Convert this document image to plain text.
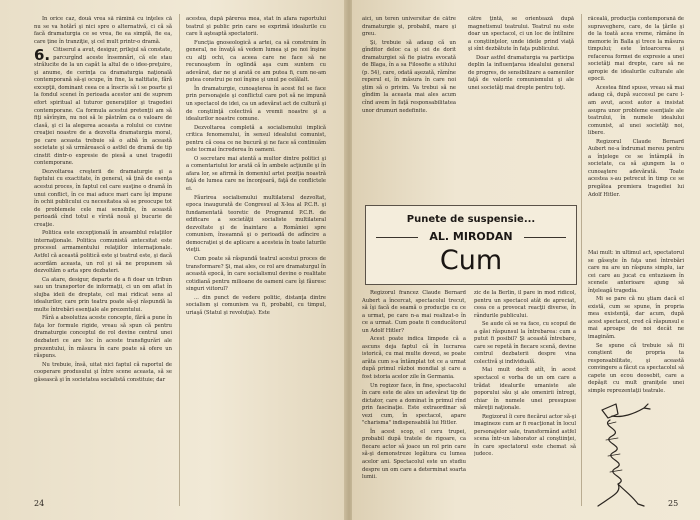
În orice caz, două vrea să rămînă cu inţeles că nu se va hotărî şi nici spre o alternativă, ci că să facă dramaturgia ce se vrea, fie ea simplă, fie ea, care ţine în tranziţie, şi cel mult printr-o dramă.

6. Citiserul a avut, desigur, prilejul să constate, parcurgînd aceste însemnări, că ele stau strălucite de la un capăt la altul de o idee-preţuire, şi anume, de cerinţa ca dramaturgia naţională contemporană să-şi ocupe, în fine, la naltitate, fără excepţii, dominant ceea ce a înscris să i se poarte şi la fondul scenei în perioada acestor ani de suprem efort spiritual al tuturor generaţiilor şi tragediei contemporane. Ca formula acestui pretenţii am să fiţi săvîrşim, nu noi să le păstrăm ca o valoare de clasă, şi ci la alegerea aceasta a rolului ce cuvine creaţiei noastre de a dezvolta dramaturgia moral, pe care aceasta trebuie să o aibă în această societate şi să urmărească o astfel de dramă de tip cinstit dintr-o expresie de piesă a unei tragedii contemporane.

Dezvoltarea creşterii de dramaturgie şi a faptului cu exactitate, în general, să ţină de esenţa acestui proces, în faptul cel care susţine o dramă în unui conflict, în ce mai aduce mari care îşi impune în ochii publicului cu necesitatea să se preocupe tot de problemele cele mai sensibile, în această perioadă cînd totul e vîrstă nouă şi bucurie de creaţie.

Politica este excepţională în ansamblul relaţiilor internaţionale. Politica comunistă antecsitat este procesul armamentului relaţiilor internaţionale. Astfel că această politică este şi teatrul este, şi dacă acordăm aceasta, un rol și să ne propunem să dezvoltăm o arta spre dezbateri.

Ca atare, desigur, departe de a fi doar un tribun sau un transportor de informaţii, ci un om aflat în slujba ideii de dreptate, cel mai ridicat sens al idealurilor, care prin teatru poate să-şi răspundă la multe întrebări esenţiale ale prezentului.

Fără a absolutiza aceste concepte, fără a pune în faţa lor formule rigide, vreau să spun că pentru dramaturgie conceptul de rol devine centrul unei dezbateri ce are loc în aceste transfigurări ale prezentului, în măsura în care poate să ofere un răspuns.

Nu trebuie, însă, uitat nici faptul că raportul de cooperare produsului şi între scene aceasta, să se găsească şi în societatea socialistă constituie; dar

acestea, după părerea mea, stat în afara raportului teatrul şi public prin care se exprimă idealurile cu care îi aşteaptă spectatorii.

Funcţia gnoseologică a artei, ca să construim în general, ne învaţă să vedem lumea şi pe noi înşine cu alţi ochi, ca aceea care ne face să ne recunoaştem în oglindă aşa cum suntem cu adevărat, dar ne şi arată ce am putea fi, cum ne-am putea construi pe noi înşine şi unul pe celălalt.

În dramaturgie, cunoaşterea în acest fel se face prin personajele şi conflictul care pot să ne impună un spectacol de idei, ca un adevărat act de cultură şi de conştiinţă colectivă a vremii noastre şi a idealurilor noastre comune.

Dezvoltarea completă a socialismului implică critica fenomenului, în sensul idealului comunist, pentru că ceea ce ne bucură şi ne face să continuăm este tocmai încrederea în oameni.

O secretare mai atentă a multor dintre politici şi a comentariului lor arată că în ambele acţiunile şi în afara lor, se afirmă în domeniul artei poziţia noastră faţă de lumea care ne înconjoară, faţă de conflictele ei.

Făurirea socialismului multilateral dezvoltat, epoca inaugurată de Congresul al X-lea al P.C.R. şi fundamentată teoretic de Programul P.C.R. de edificare a societăţii socialiste multilateral dezvoltate şi de înaintare a României spre comunism, înseamnă şi o perioadă de adîncire a democraţiei şi de aplicare a acesteia în toate laturile vieţii.

Cum poate să răspundă teatrul acestui proces de transformare? Şi, mai ales, ce rol are dramaturgul în această epocă, în care socialismul devine o realitate cotidiană pentru milioane de oameni care îşi făuresc singuri viitorul?

... din punct de vedere politic, distanţa dintre socialism şi comunism va fi, probabil, cu timpul, uriaşă (Statul şi revoluţia). Este

24

aici, un teren universitar de către dramaturgie şi, probabil, mare şi greu.

Şi, trebuie să adaug că un gînditor deloc ca şi cei de dorit dramaturgiei să fie piatra evocată de Blaga, în a sa Filosofie a stilului (p. 54), care, odată aşezată, rămîne reperul ei, în măsura în care noi ştim să o privim. Va trebui să ne gîndim la aceasta mai ales acum cînd avem în faţă responsabilitatea unor drumuri nedefinite.

către ţintă, se orientează după magnetismul teatrului. Teatrul nu este doar un spectacol, ci un loc de întîlnire a conştiinţelor, unde ideile prind viaţă şi sînt dezbătute în faţa publicului.

Doar astfel dramaturgia va participa deplin la influenţarea idealului general de progres, de sensibilizare a oamenilor faţă de valorile comunismului şi ale unei societăţi mai drepte pentru toţi.

răceală, producţia contemporană de supraveghere, care, de la ţările şi de la toată acea vreme, rămâne în memorie în Balla şi trece la măsura timpului; este întoarcerea şi refacerea formei de expresie a unei societăţi mai drepte, care să ne apropie de idealurile culturale ale epocii.

Acestea fiind spuse, vreau să mai adaug că, după succesul pe care l-am avut, acest autor a insistat asupra unor probleme esenţiale ale teatrului, în numele idealului comunist, al unei societăţi noi, libere.

Regizorul Claude Bernard Aubert ne-a îndrumat mereu pentru a înţelege ce se întâmplă în societate, ca să ajungem la o cunoaştere adevărată. Toate acestea s-au petrecut în timp ce se pregătea premiera tragediei lui Adolf Hitler.

Regizorul francez Claude Bernard Aubert a încercat, spectacolul trecut, să îşi facă de seamă o producţie cu ce a urmat, pe care n-a mai realizat-o în ce a urmat. Cum poate fi conducătorul un Adolf Hitler?

Acest poate indica limpede că a ascuns deja faptul că în lucrarea istorică, cu mai multe dovezi, se poate arăta cum s-a întâmplat tot ce a urmat după primul război mondial şi care a fost istoria acelor zile în Germania.

Un regizor face, în fine, spectacolul în care este de ales un adevărat tip de dictator, care a dominat în primul rînd prin fascinaţie. Este extraordinar să vezi cum, în spectacol, apare "charisma" indispensabilă lui Hitler.

În acest scop, el ceru trupei, probabil după tratele de rigoare, ca fiecare actor să joace un rol prin care să-şi demonstreze legătura cu lumea acelor ani. Spectacolul este un studiu despre un om care a determinat soarta lumii.

zic de la Berlin, il pare în mod ridicol, pentru un spectacol atât de apreciat, ceea ce a provocat reacţii diverse, în rândurile publicului.

Se aude că se va face, cu scopul de a găsi răspunsul la întrebarea: cum a putut fi posibil? Şi această întrebare, care se repetă în fiecare scenă, devine centrul dezbaterii despre vina colectivă şi individuală.

Mai mult decît atît, în acest spectacol e vorba de un om care a trădat idealurile umaniste ale poporului său şi ale omenirii întregi, chiar în numele unei presupuse măreţii naţionale.

Regizorul îi cere fiecărui actor să-şi imagineze cum ar fi reacţionat în locul personajelor sale, transformând astfel scena într-un laborator al conştiinţei, în care spectatorul este chemat să judece.

Mai mult: în ultimul act, spectatorul se găseşte în faţa unei întrebări care nu are un răspuns simplu, iar cei care au jucat cu entuziasm în scenele anterioare ajung să înţeleagă tragedia.

Mi se pare că nu ştiam dacă el există, cum se spune, în propria mea existenţă, dar acum, după acest spectacol, cred că răspunsul e mai aproape de noi decât ne imaginăm.

Se spune că trebuie să fii conştient de propria ta responsabilitate, şi această convingere a făcut ca spectacolul să capete un ecou deosebit, care a depăşit cu mult graniţele unei simple reprezentaţii teatrale.

25
Punete de suspensie...
AL. MIRODAN
Cum
